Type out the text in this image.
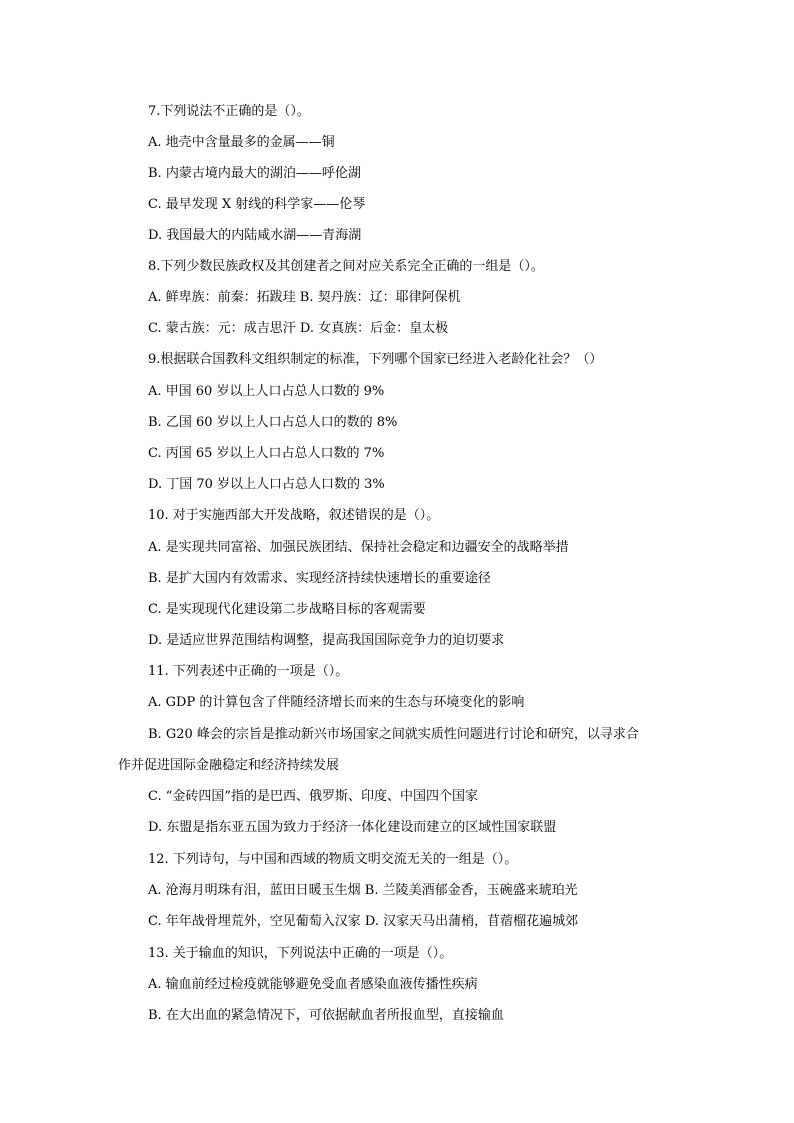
7.下列说法不正确的是（）。
A. 地壳中含量最多的金属——铜
B. 内蒙古境内最大的湖泊——呼伦湖
C. 最早发现 X 射线的科学家——伦琴
D. 我国最大的内陆咸水湖——青海湖
8.下列少数民族政权及其创建者之间对应关系完全正确的一组是（）。
A. 鲜卑族：前秦：拓跋珪 B. 契丹族：辽：耶律阿保机
C. 蒙古族：元：成吉思汗 D. 女真族：后金：皇太极
9.根据联合国教科文组织制定的标准，下列哪个国家已经进入老龄化社会？（）
A. 甲国 60 岁以上人口占总人口数的 9%
B. 乙国 60 岁以上人口占总人口的数的 8%
C. 丙国 65 岁以上人口占总人口数的 7%
D. 丁国 70 岁以上人口占总人口数的 3%
10. 对于实施西部大开发战略，叙述错误的是（）。
A. 是实现共同富裕、加强民族团结、保持社会稳定和边疆安全的战略举措
B. 是扩大国内有效需求、实现经济持续快速增长的重要途径
C. 是实现现代化建设第二步战略目标的客观需要
D. 是适应世界范围结构调整，提高我国国际竞争力的迫切要求
11. 下列表述中正确的一项是（）。
A. GDP 的计算包含了伴随经济增长而来的生态与环境变化的影响
B. G20 峰会的宗旨是推动新兴市场国家之间就实质性问题进行讨论和研究，以寻求合
作并促进国际金融稳定和经济持续发展
C. “金砖四国”指的是巴西、俄罗斯、印度、中国四个国家
D. 东盟是指东亚五国为致力于经济一体化建设而建立的区域性国家联盟
12. 下列诗句，与中国和西域的物质文明交流无关的一组是（）。
A. 沧海月明珠有泪，蓝田日暖玉生烟 B. 兰陵美酒郁金香，玉碗盛来琥珀光
C. 年年战骨埋荒外，空见葡萄入汉家 D. 汉家天马出蒲梢，苜蓿榴花遍城郊
13. 关于输血的知识，下列说法中正确的一项是（）。
A. 输血前经过检疫就能够避免受血者感染血液传播性疾病
B. 在大出血的紧急情况下，可依据献血者所报血型，直接输血
